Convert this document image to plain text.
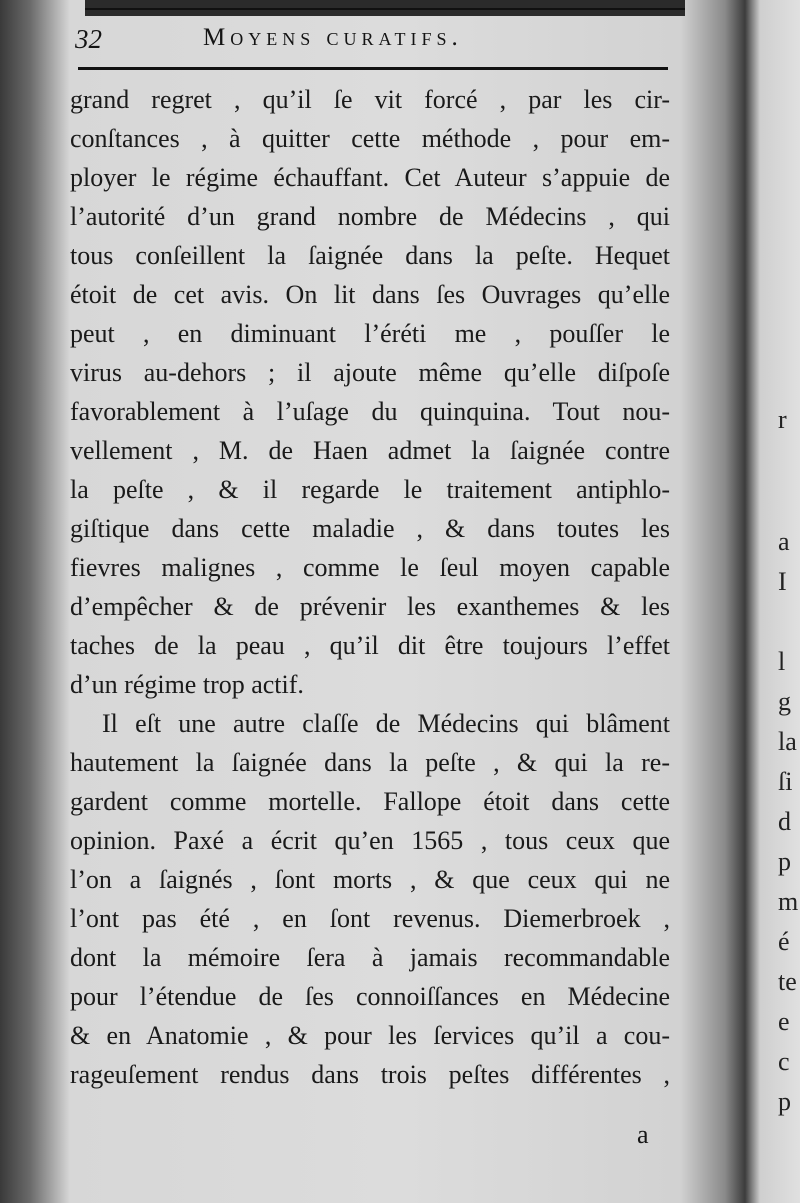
32	Moyens curatifs.
grand regret , qu’il ſe vit forcé , par les cir-
conſtances , à quitter cette méthode , pour em-
ployer le régime échauffant. Cet Auteur s’appuie de
l’autorité d’un grand nombre de Médecins , qui
tous conſeillent la ſaignée dans la peſte. Hequet
étoit de cet avis. On lit dans ſes Ouvrages qu’elle
peut , en diminuant l’éréti me , pouſſer le
virus au-dehors ; il ajoute même qu’elle diſpoſe
favorablement à l’uſage du quinquina. Tout nou-
vellement , M. de Haen admet la ſaignée contre
la peſte , & il regarde le traitement antiphlo-
giſtique dans cette maladie , & dans toutes les
fievres malignes , comme le ſeul moyen capable
d’empêcher & de prévenir les exanthemes & les
taches de la peau , qu’il dit être toujours l’effet
d’un régime trop actif.
Il eſt une autre claſſe de Médecins qui blâment
hautement la ſaignée dans la peſte , & qui la re-
gardent comme mortelle. Fallope étoit dans cette
opinion. Paxé a écrit qu’en 1565 , tous ceux que
l’on a ſaignés , ſont morts , & que ceux qui ne
l’ont pas été , en ſont revenus. Diemerbroek ,
dont la mémoire ſera à jamais recommandable
pour l’étendue de ſes connoiſſances en Médecine
& en Anatomie , & pour les ſervices qu’il a cou-
rageuſement rendus dans trois peſtes différentes ,
a
r
a
I
l
g
la
ſi
d
p
m
é
te
e
c
p
